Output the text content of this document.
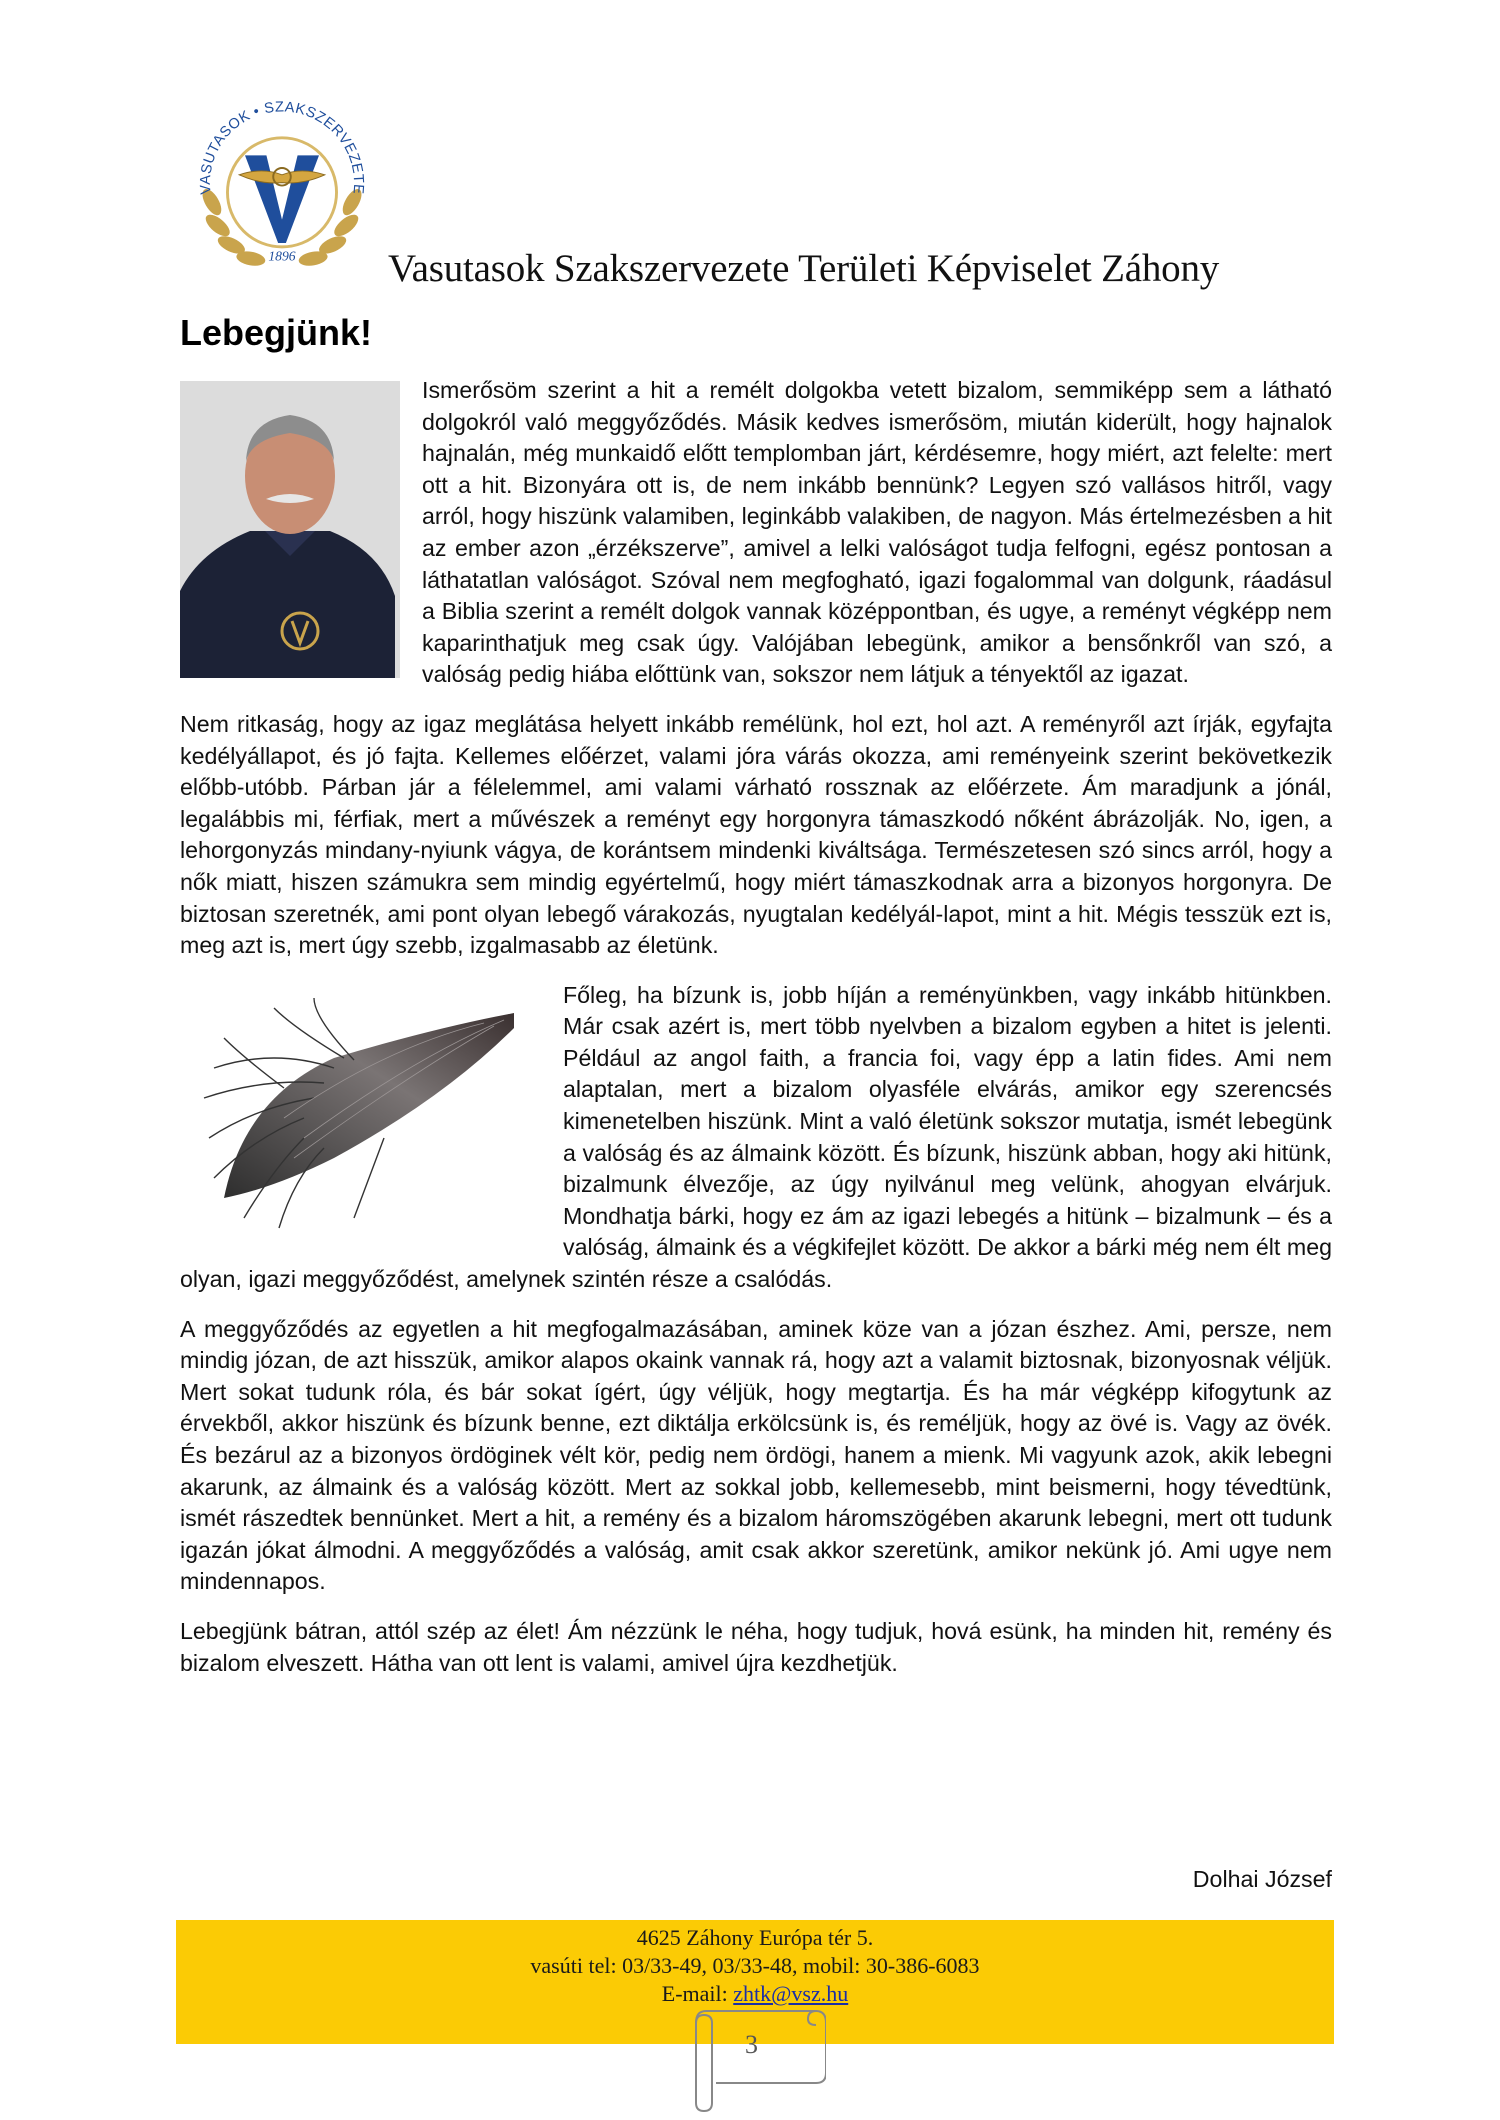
VASUTASOK • SZAKSZERVEZETE
1896 Vasutasok Szakszervezete Területi Képviselet Záhony
Lebegjünk!

Ismerősöm szerint a hit a remélt dolgokba vetett bizalom, semmiképp sem a látható dolgokról való meggyőződés. Másik kedves ismerősöm, miután kiderült, hogy hajnalok hajnalán, még munkaidő előtt templomban járt, kérdésemre, hogy miért, azt felelte: mert ott a hit. Bizonyára ott is, de nem inkább bennünk? Legyen szó vallásos hitről, vagy arról, hogy hiszünk valamiben, leginkább valakiben, de nagyon. Más értelmezésben a hit az ember azon „érzékszerve”, amivel a lelki valóságot tudja felfogni, egész pontosan a láthatatlan valóságot. Szóval nem megfogható, igazi fogalommal van dolgunk, ráadásul a Biblia szerint a remélt dolgok vannak középpontban, és ugye, a reményt végképp nem kaparinthatjuk meg csak úgy. Valójában lebegünk, amikor a bensőnkről van szó, a valóság pedig hiába előttünk van, sokszor nem látjuk a tényektől az igazat.

Nem ritkaság, hogy az igaz meglátása helyett inkább remélünk, hol ezt, hol azt. A reményről azt írják, egyfajta kedélyállapot, és jó fajta. Kellemes előérzet, valami jóra várás okozza, ami reményeink szerint bekövetkezik előbb-utóbb. Párban jár a félelemmel, ami valami várható rossznak az előérzete. Ám maradjunk a jónál, legalábbis mi, férfiak, mert a művészek a reményt egy horgonyra támaszkodó nőként ábrázolják. No, igen, a lehorgonyzás mindany-nyiunk vágya, de korántsem mindenki kiváltsága. Természetesen szó sincs arról, hogy a nők miatt, hiszen számukra sem mindig egyértelmű, hogy miért támaszkodnak arra a bizonyos horgonyra. De biztosan szeretnék, ami pont olyan lebegő várakozás, nyugtalan kedélyál-lapot, mint a hit. Mégis tesszük ezt is, meg azt is, mert úgy szebb, izgalmasabb az életünk.

Főleg, ha bízunk is, jobb híján a reményünkben, vagy inkább hitünkben. Már csak azért is, mert több nyelvben a bizalom egyben a hitet is jelenti. Például az angol faith, a francia foi, vagy épp a latin fides. Ami nem alaptalan, mert a bizalom olyasféle elvárás, amikor egy szerencsés kimenetelben hiszünk. Mint a való életünk sokszor mutatja, ismét lebegünk a valóság és az álmaink között. És bízunk, hiszünk abban, hogy aki hitünk, bizalmunk élvezője, az úgy nyilvánul meg velünk, ahogyan elvárjuk. Mondhatja bárki, hogy ez ám az igazi lebegés a hitünk – bizalmunk – és a valóság, álmaink és a végkifejlet között. De akkor a bárki még nem élt meg olyan, igazi meggyőződést, amelynek szintén része a csalódás.

A meggyőződés az egyetlen a hit megfogalmazásában, aminek köze van a józan észhez. Ami, persze, nem mindig józan, de azt hisszük, amikor alapos okaink vannak rá, hogy azt a valamit biztosnak, bizonyosnak véljük. Mert sokat tudunk róla, és bár sokat ígért, úgy véljük, hogy megtartja. És ha már végképp kifogytunk az érvekből, akkor hiszünk és bízunk benne, ezt diktálja erkölcsünk is, és reméljük, hogy az övé is. Vagy az övék. És bezárul az a bizonyos ördöginek vélt kör, pedig nem ördögi, hanem a mienk. Mi vagyunk azok, akik lebegni akarunk, az álmaink és a valóság között. Mert az sokkal jobb, kellemesebb, mint beismerni, hogy tévedtünk, ismét rászedtek bennünket. Mert a hit, a remény és a bizalom háromszögében akarunk lebegni, mert ott tudunk igazán jókat álmodni. A meggyőződés a valóság, amit csak akkor szeretünk, amikor nekünk jó. Ami ugye nem mindennapos.

Lebegjünk bátran, attól szép az élet! Ám nézzünk le néha, hogy tudjuk, hová esünk, ha minden hit, remény és bizalom elveszett. Hátha van ott lent is valami, amivel újra kezdhetjük.

Dolhai József
4625 Záhony Európa tér 5.
vasúti tel: 03/33-49, 03/33-48, mobil: 30-386-6083
E-mail: zhtk@vsz.hu
3
